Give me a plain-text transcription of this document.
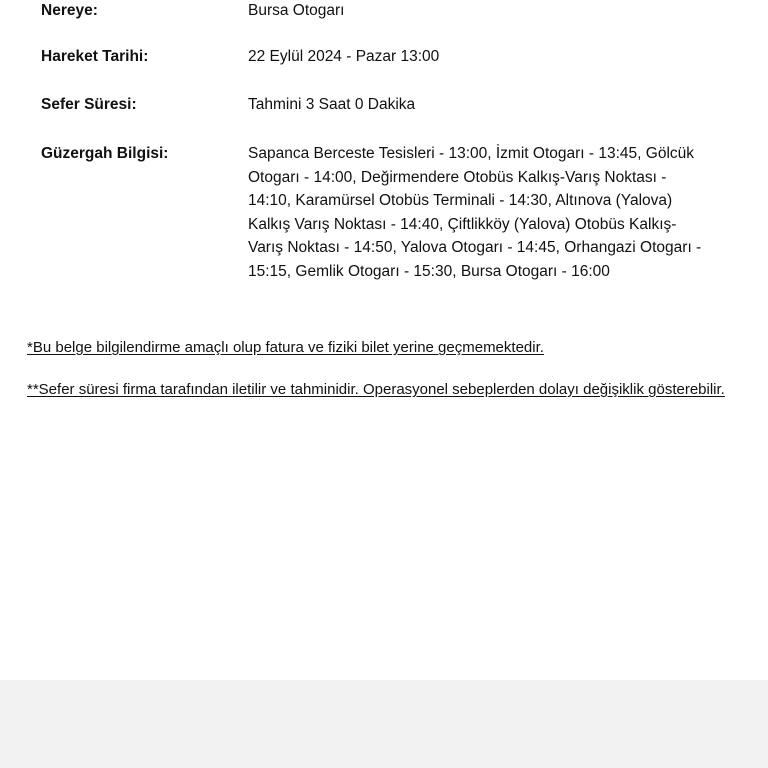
Nereye:	Bursa Otogarı
Hareket Tarihi:	22 Eylül 2024 - Pazar 13:00
Sefer Süresi:	Tahmini 3 Saat 0 Dakika
Güzergah Bilgisi:	Sapanca Berceste Tesisleri - 13:00, İzmit Otogarı - 13:45, Gölcük Otogarı - 14:00, Değirmendere Otobüs Kalkış-Varış Noktası - 14:10, Karamürsel Otobüs Terminali - 14:30, Altınova (Yalova) Kalkış Varış Noktası - 14:40, Çiftlikköy (Yalova) Otobüs Kalkış-Varış Noktası - 14:50, Yalova Otogarı - 14:45, Orhangazi Otogarı - 15:15, Gemlik Otogarı - 15:30, Bursa Otogarı - 16:00
*Bu belge bilgilendirme amaçlı olup fatura ve fiziki bilet yerine geçmemektedir.
**Sefer süresi firma tarafından iletilir ve tahminidir. Operasyonel sebeplerden dolayı değişiklik gösterebilir.
